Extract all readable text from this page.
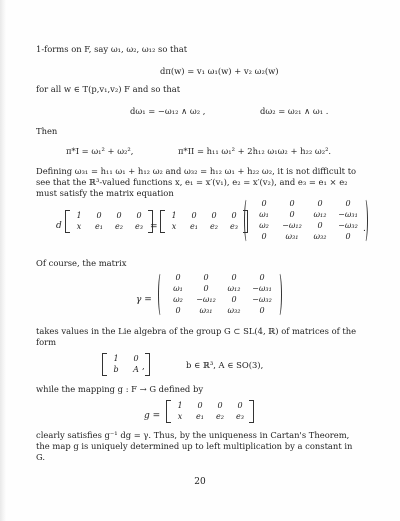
1-forms on F, say ω₁, ω₂, ω₁₂ so that
dπ(w) = v₁ ω₁(w) + v₂ ω₂(w)
for all w ∈ T(p,v₁,v₂) F and so that
dω₁ = −ω₁₂ ∧ ω₂ ,	dω₂ = ω₂₁ ∧ ω₁ .
Then
π*I = ω₁² + ω₂²,	π*II = h₁₁ ω₁² + 2h₁₂ ω₁ω₂ + h₂₂ ω₂².
Defining ω₃₁ = h₁₁ ω₁ + h₁₂ ω₂ and ω₃₂ = h₁₂ ω₁ + h₂₂ ω₂, it is not difficult to see that the ℝ³-valued functions x, e₁ = x′(v₁), e₂ = x′(v₂), and e₃ = e₁ × e₂ must satisfy the matrix equation
d
1	0	0	0
x	e₁ e₂ e₃ =
1	0	0	0
x	e₁ e₂ e₃
0	0	0	0
ω₁	0	ω₁₂	−ω₃₁
ω₂	−ω₁₂	0	−ω₃₂
0	ω₃₁	ω₃₂	0
.
Of course, the matrix
γ =
0	0	0	0
ω₁	0	ω₁₂	−ω₃₁
ω₂	−ω₁₂	0	−ω₃₂
0	ω₃₁	ω₃₂	0
takes values in the Lie algebra of the group G ⊂ SL(4, ℝ) of matrices of the form
1	0
b	A ,	b ∈ ℝ³, A ∈ SO(3),
while the mapping g : F → G defined by
g =
1	0	0	0
x	e₁ e₂ e₃
clearly satisfies g⁻¹ dg = γ. Thus, by the uniqueness in Cartan's Theorem, the map g is uniquely determined up to left multiplication by a constant in G.
20
